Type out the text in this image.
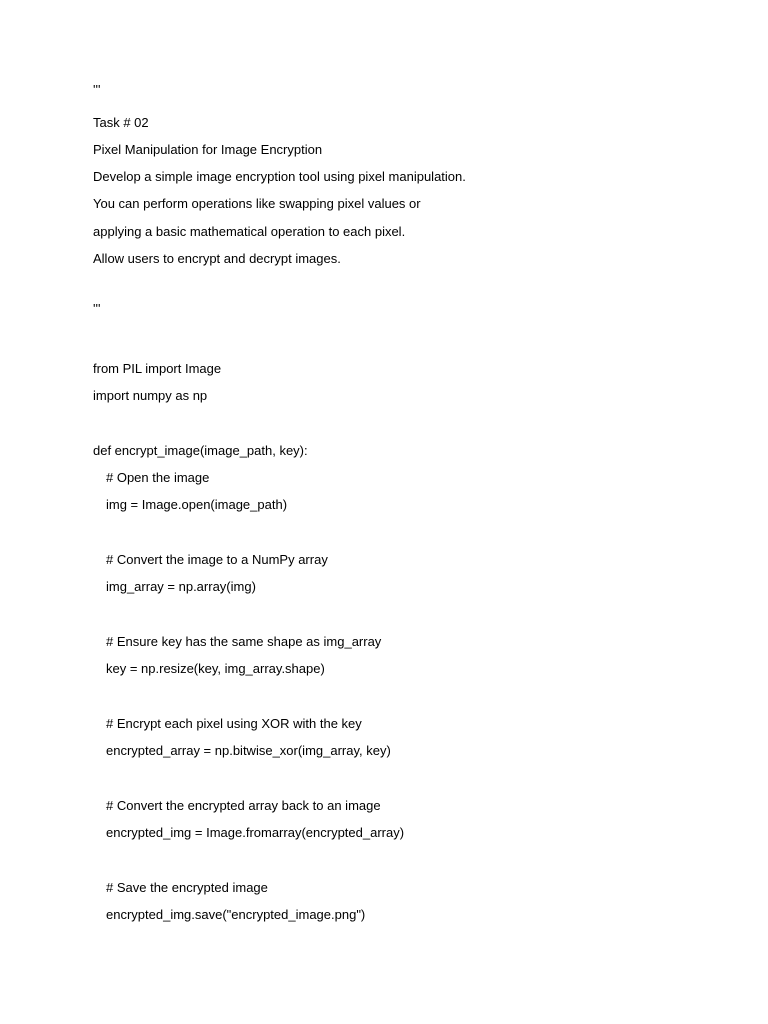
'''
Task # 02
Pixel Manipulation for Image Encryption
Develop a simple image encryption tool using pixel manipulation.
You can perform operations like swapping pixel values or
applying a basic mathematical operation to each pixel.
Allow users to encrypt and decrypt images.
'''
from PIL import Image
import numpy as np
def encrypt_image(image_path, key):
# Open the image
img = Image.open(image_path)
# Convert the image to a NumPy array
img_array = np.array(img)
# Ensure key has the same shape as img_array
key = np.resize(key, img_array.shape)
# Encrypt each pixel using XOR with the key
encrypted_array = np.bitwise_xor(img_array, key)
# Convert the encrypted array back to an image
encrypted_img = Image.fromarray(encrypted_array)
# Save the encrypted image
encrypted_img.save("encrypted_image.png")
